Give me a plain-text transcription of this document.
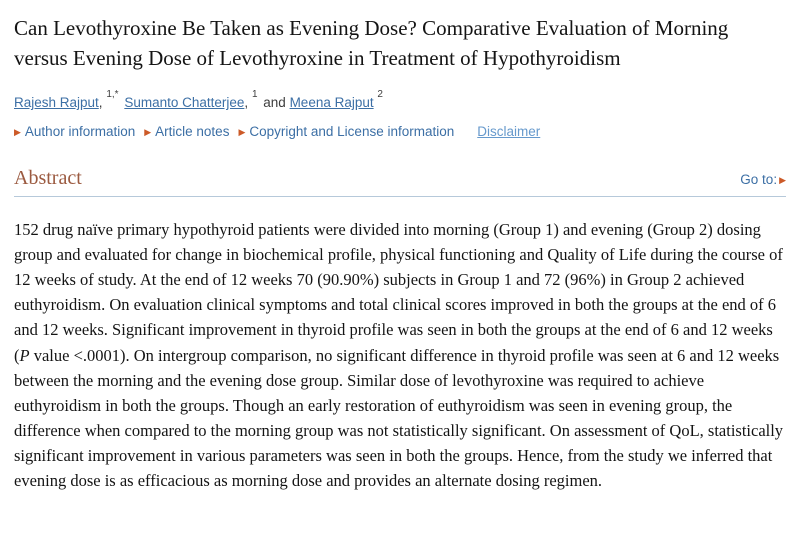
Can Levothyroxine Be Taken as Evening Dose? Comparative Evaluation of Morning versus Evening Dose of Levothyroxine in Treatment of Hypothyroidism

Rajesh Rajput, $^{1,*}$ Sumanto Chatterjee, $^1$ and Meena Rajput $^2$

▶ Author information ▶ Article notes ▶ Copyright and License information Disclaimer

Abstract	Go to: ▶

152 drug naïve primary hypothyroid patients were divided into morning (Group 1) and evening (Group 2) dosing group and evaluated for change in biochemical profile, physical functioning and Quality of Life during the course of 12 weeks of study. At the end of 12 weeks 70 (90.90%) subjects in Group 1 and 72 (96%) in Group 2 achieved euthyroidism. On evaluation clinical symptoms and total clinical scores improved in both the groups at the end of 6 and 12 weeks. Significant improvement in thyroid profile was seen in both the groups at the end of 6 and 12 weeks (P value <.0001). On intergroup comparison, no significant difference in thyroid profile was seen at 6 and 12 weeks between the morning and the evening dose group. Similar dose of levothyroxine was required to achieve euthyroidism in both the groups. Though an early restoration of euthyroidism was seen in evening group, the difference when compared to the morning group was not statistically significant. On assessment of QoL, statistically significant improvement in various parameters was seen in both the groups. Hence, from the study we inferred that evening dose is as efficacious as morning dose and provides an alternate dosing regimen.
